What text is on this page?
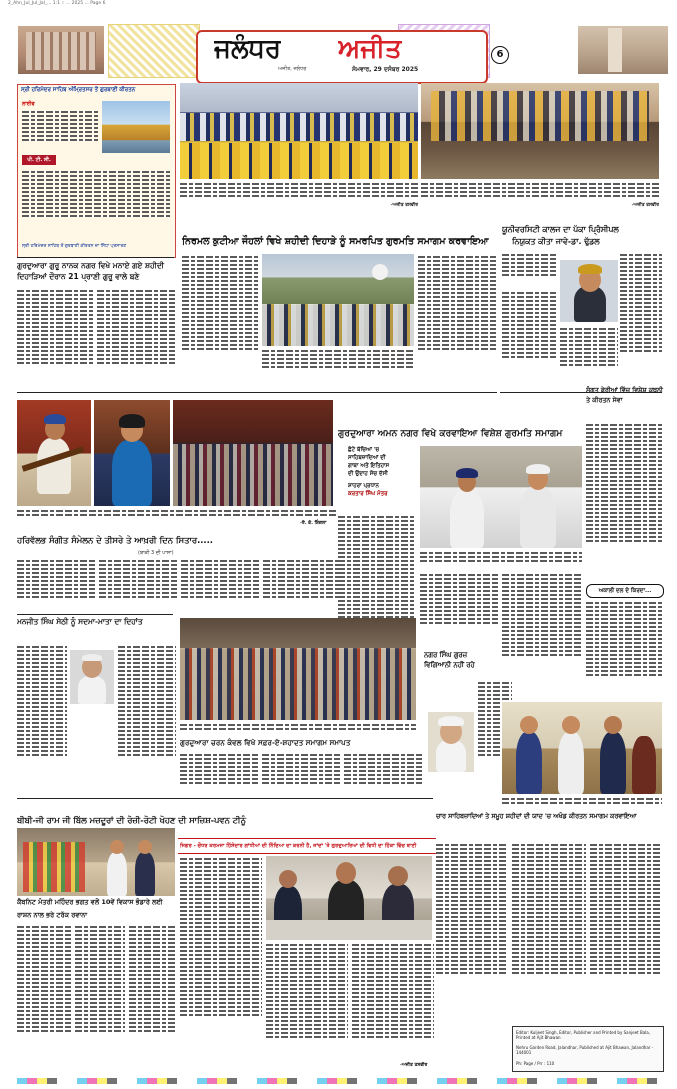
2_Ahn_Jul_Jul_Jal_... 1:1 :: ... 2025 ... Page 6
ਜਲੰਧਰ ਅਜੀਤ
ਅਜੀਤ, ਜਲੰਧਰ	ਸੋਮਵਾਰ, 29 ਦਸੰਬਰ 2025
6
ਸ੍ਰੀ ਹਰਿਮੰਦਰ ਸਾਹਿਬ ਅੰਮ੍ਰਿਤਸਰ ਤੋਂ ਗੁਰਬਾਣੀ ਕੀਰਤਨ
ਲਾਈਵ
ਪੀ. ਟੀ. ਸੀ.
ਸ੍ਰੀ ਹਰਿਮੰਦਰ ਸਾਹਿਬ ਤੋਂ ਗੁਰਬਾਣੀ ਕੀਰਤਨ ਦਾ ਸਿੱਧਾ ਪ੍ਰਸਾਰਣ
-ਅਜੀਤ ਤਸਵੀਰ	-ਅਜੀਤ ਤਸਵੀਰ
ਗੁਰਦੁਆਰਾ ਗੁਰੂ ਨਾਨਕ ਨਗਰ ਵਿਖੇ ਮਨਾਏ ਗਏ ਸ਼ਹੀਦੀ ਦਿਹਾੜਿਆਂ ਦੌਰਾਨ 21 ਪ੍ਰਾਣੀ ਗੁਰੂ ਵਾਲੇ ਬਣੇ
ਨਿਰਮਲ ਕੁਟੀਆ ਜੌਹਲਾਂ ਵਿਖੇ ਸ਼ਹੀਦੀ ਦਿਹਾੜੇ ਨੂੰ ਸਮਰਪਿਤ ਗੁਰਮਤਿ ਸਮਾਗਮ ਕਰਵਾਇਆ
ਯੂਨੀਵਰਸਿਟੀ ਕਾਲਜ ਦਾ ਪੱਕਾ ਪ੍ਰਿੰਸੀਪਲ
ਨਿਯੁਕਤ ਕੀਤਾ ਜਾਵੇ-ਡਾ. ਢੁੱਡਲ
-ਏ. ਕੇ. ਸ਼ਿੰਗਲਾ
ਗੁਰਦੁਆਰਾ ਅਮਨ ਨਗਰ ਵਿਖੇ ਕਰਵਾਇਆ ਵਿਸ਼ੇਸ਼ ਗੁਰਮਤਿ ਸਮਾਗਮ
ਸੰਗਤ ਫੇਰੀਆਂ ਵਿੱਚ ਵਿਸ਼ੇਸ਼ ਕਥਨੀ ਤੇ ਕੀਰਤਨ ਸੇਵਾ
ਅਕਾਲੀ ਦਲ ਦੇ ਕਿਰਦਾ...
ਹਰਿਵੱਲਭ ਸੰਗੀਤ ਸੰਮੇਲਨ ਦੇ ਤੀਸਰੇ ਤੇ ਆਖ਼ਰੀ ਦਿਨ ਸਿਤਾਰ.....
(ਬਾਕੀ 3 ਦੀ ਪਾਸਾ)
ਛੋਟੇ ਬੱਚਿਆਂ 'ਚ
ਸਾਹਿਬਜ਼ਾਦਿਆਂ ਦੀ
ਗਾਥਾ ਅਤੇ ਇਤਿਹਾਸ
ਦੀ ਉਦਾਹ ਸੋਚ ਦੱਸੀ
ਸ਼ਾਹਰਾ ਪ੍ਰਧਾਨ
ਕਰਤਾਰ ਸਿੰਘ ਮੰਤਰ
ਨਗਰ ਸਿੰਘ ਗੁਰਜ਼
ਵਿਗਿਆਨੀ ਨਹੀਂ ਰਹੇ
ਮਨਜੀਤ ਸਿੰਘ ਸੇਠੀ ਨੂੰ ਸਦਮਾ-ਮਾਤਾ ਦਾ ਦਿਹਾਂਤ
ਗੁਰਦੁਆਰਾ ਚਰਨ ਕੰਵਲ ਵਿਖੇ ਸਫ਼ਰ-ਏ-ਸ਼ਹਾਦਤ ਸਮਾਗਮ ਸਮਾਪਤ
ਚਾਰ ਸਾਹਿਬਜ਼ਾਦਿਆਂ ਤੇ ਸਮੂਹ ਸ਼ਹੀਦਾਂ ਦੀ ਯਾਦ 'ਚ ਅਖੰਡ ਕੀਰਤਨ ਸਮਾਗਮ ਕਰਵਾਇਆ
ਬੀਬੀ-ਜੀ ਰਾਮ ਜੀ ਬਿੱਲ ਮਜ਼ਦੂਰਾਂ ਦੀ ਰੋਜ਼ੀ-ਰੋਟੀ ਖੋਹਣ ਦੀ ਸਾਜ਼ਿਸ਼-ਪਵਨ ਟੀਨੂੰ
ਜਿਗਰ - ਚੌਧਰ ਕਰਮਜਾ ਹਿੱਸੇਦਾਰ ਗਾਂਧੀਆਂ ਦੀ ਨਿੰਦਿਆ ਦਾ ਕਰਨੀ ਹੈ, ਜਾਂਦਾਂ 'ਤੇ ਗੁਰਦੁਆਰਿਆਂ ਦੀ ਵਿਧੀ ਦਾ ਹਿੱਕਾ ਵਿੱਚ ਬਾਣੀ
ਕੈਬਨਿਟ ਮੰਤਰੀ ਮਹਿੰਦਰ ਭਗਤ ਵਲੋਂ 10ਵੇਂ ਵਿਕਾਸ ਭੰਡਾਰੇ ਲਈ ਰਾਸ਼ਨ ਨਾਲ ਭਰੇ ਟਰੱਕ ਰਵਾਨਾ
-ਅਜੀਤ ਤਸਵੀਰ
Editor: Kuljeet Singh, Editor, Publisher and Printed by Sanjeet Bala, Printed at Ajit Bhawan
Nehru Garden Road, Jalandhar, Published at Ajit Bhawan, Jalandhar - 144001
Ph: Page / Prr : 110
